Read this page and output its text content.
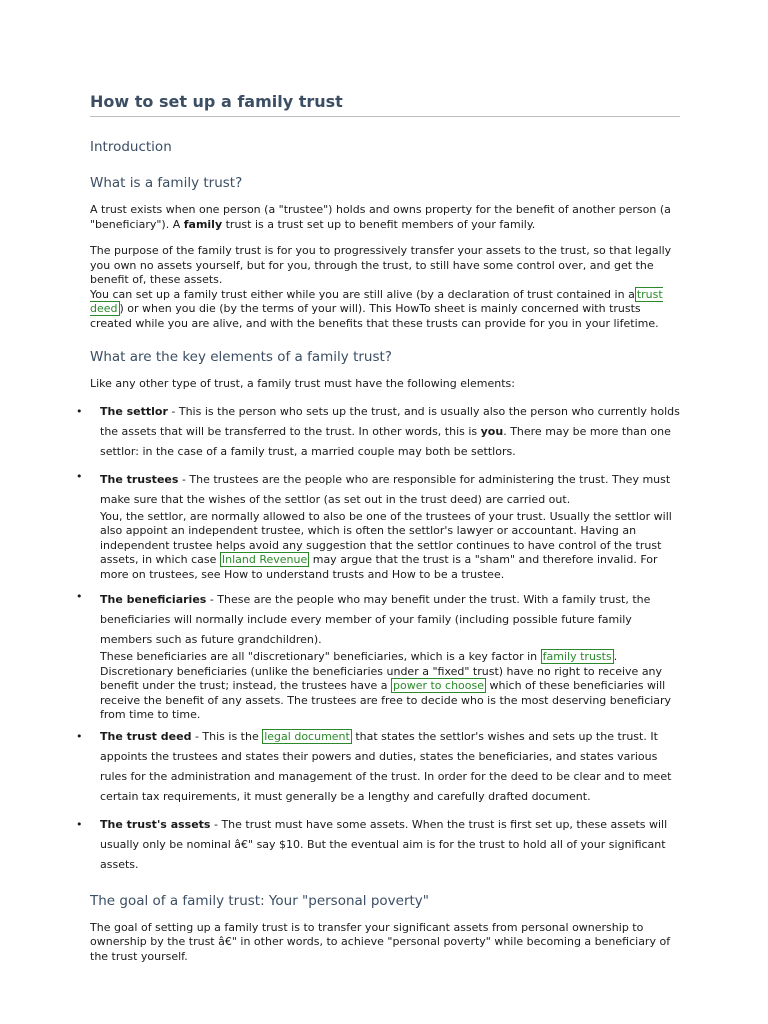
How to set up a family trust
Introduction
What is a family trust?

A trust exists when one person (a "trustee") holds and owns property for the benefit of another person (a "beneficiary"). A family trust is a trust set up to benefit members of your family.

The purpose of the family trust is for you to progressively transfer your assets to the trust, so that legally you own no assets yourself, but for you, through the trust, to still have some control over, and get the benefit of, these assets.

You can set up a family trust either while you are still alive (by a declaration of trust contained in a trust deed ) or when you die (by the terms of your will). This HowTo sheet is mainly concerned with trusts created while you are alive, and with the benefits that these trusts can provide for you in your lifetime.

What are the key elements of a family trust?

Like any other type of trust, a family trust must have the following elements:

• The settlor - This is the person who sets up the trust, and is usually also the person who currently holds the assets that will be transferred to the trust. In other words, this is you. There may be more than one settlor: in the case of a family trust, a married couple may both be settlors.
• The trustees - The trustees are the people who are responsible for administering the trust. They must make sure that the wishes of the settlor (as set out in the trust deed) are carried out.
You, the settlor, are normally allowed to also be one of the trustees of your trust. Usually the settlor will also appoint an independent trustee, which is often the settlor's lawyer or accountant. Having an independent trustee helps avoid any suggestion that the settlor continues to have control of the trust assets, in which case Inland Revenue may argue that the trust is a "sham" and therefore invalid. For more on trustees, see How to understand trusts and How to be a trustee.
• The beneficiaries - These are the people who may benefit under the trust. With a family trust, the beneficiaries will normally include every member of your family (including possible future family members such as future grandchildren).
These beneficiaries are all "discretionary" beneficiaries, which is a key factor in family trusts . Discretionary beneficiaries (unlike the beneficiaries under a "fixed" trust) have no right to receive any benefit under the trust; instead, the trustees have a power to choose which of these beneficiaries will receive the benefit of any assets. The trustees are free to decide who is the most deserving beneficiary from time to time.
• The trust deed - This is the legal document that states the settlor's wishes and sets up the trust. It appoints the trustees and states their powers and duties, states the beneficiaries, and states various rules for the administration and management of the trust. In order for the deed to be clear and to meet certain tax requirements, it must generally be a lengthy and carefully drafted document.
• The trust's assets - The trust must have some assets. When the trust is first set up, these assets will usually only be nominal â€" say $10. But the eventual aim is for the trust to hold all of your significant assets.
The goal of a family trust: Your "personal poverty"

The goal of setting up a family trust is to transfer your significant assets from personal ownership to ownership by the trust â€" in other words, to achieve "personal poverty" while becoming a beneficiary of the trust yourself.
